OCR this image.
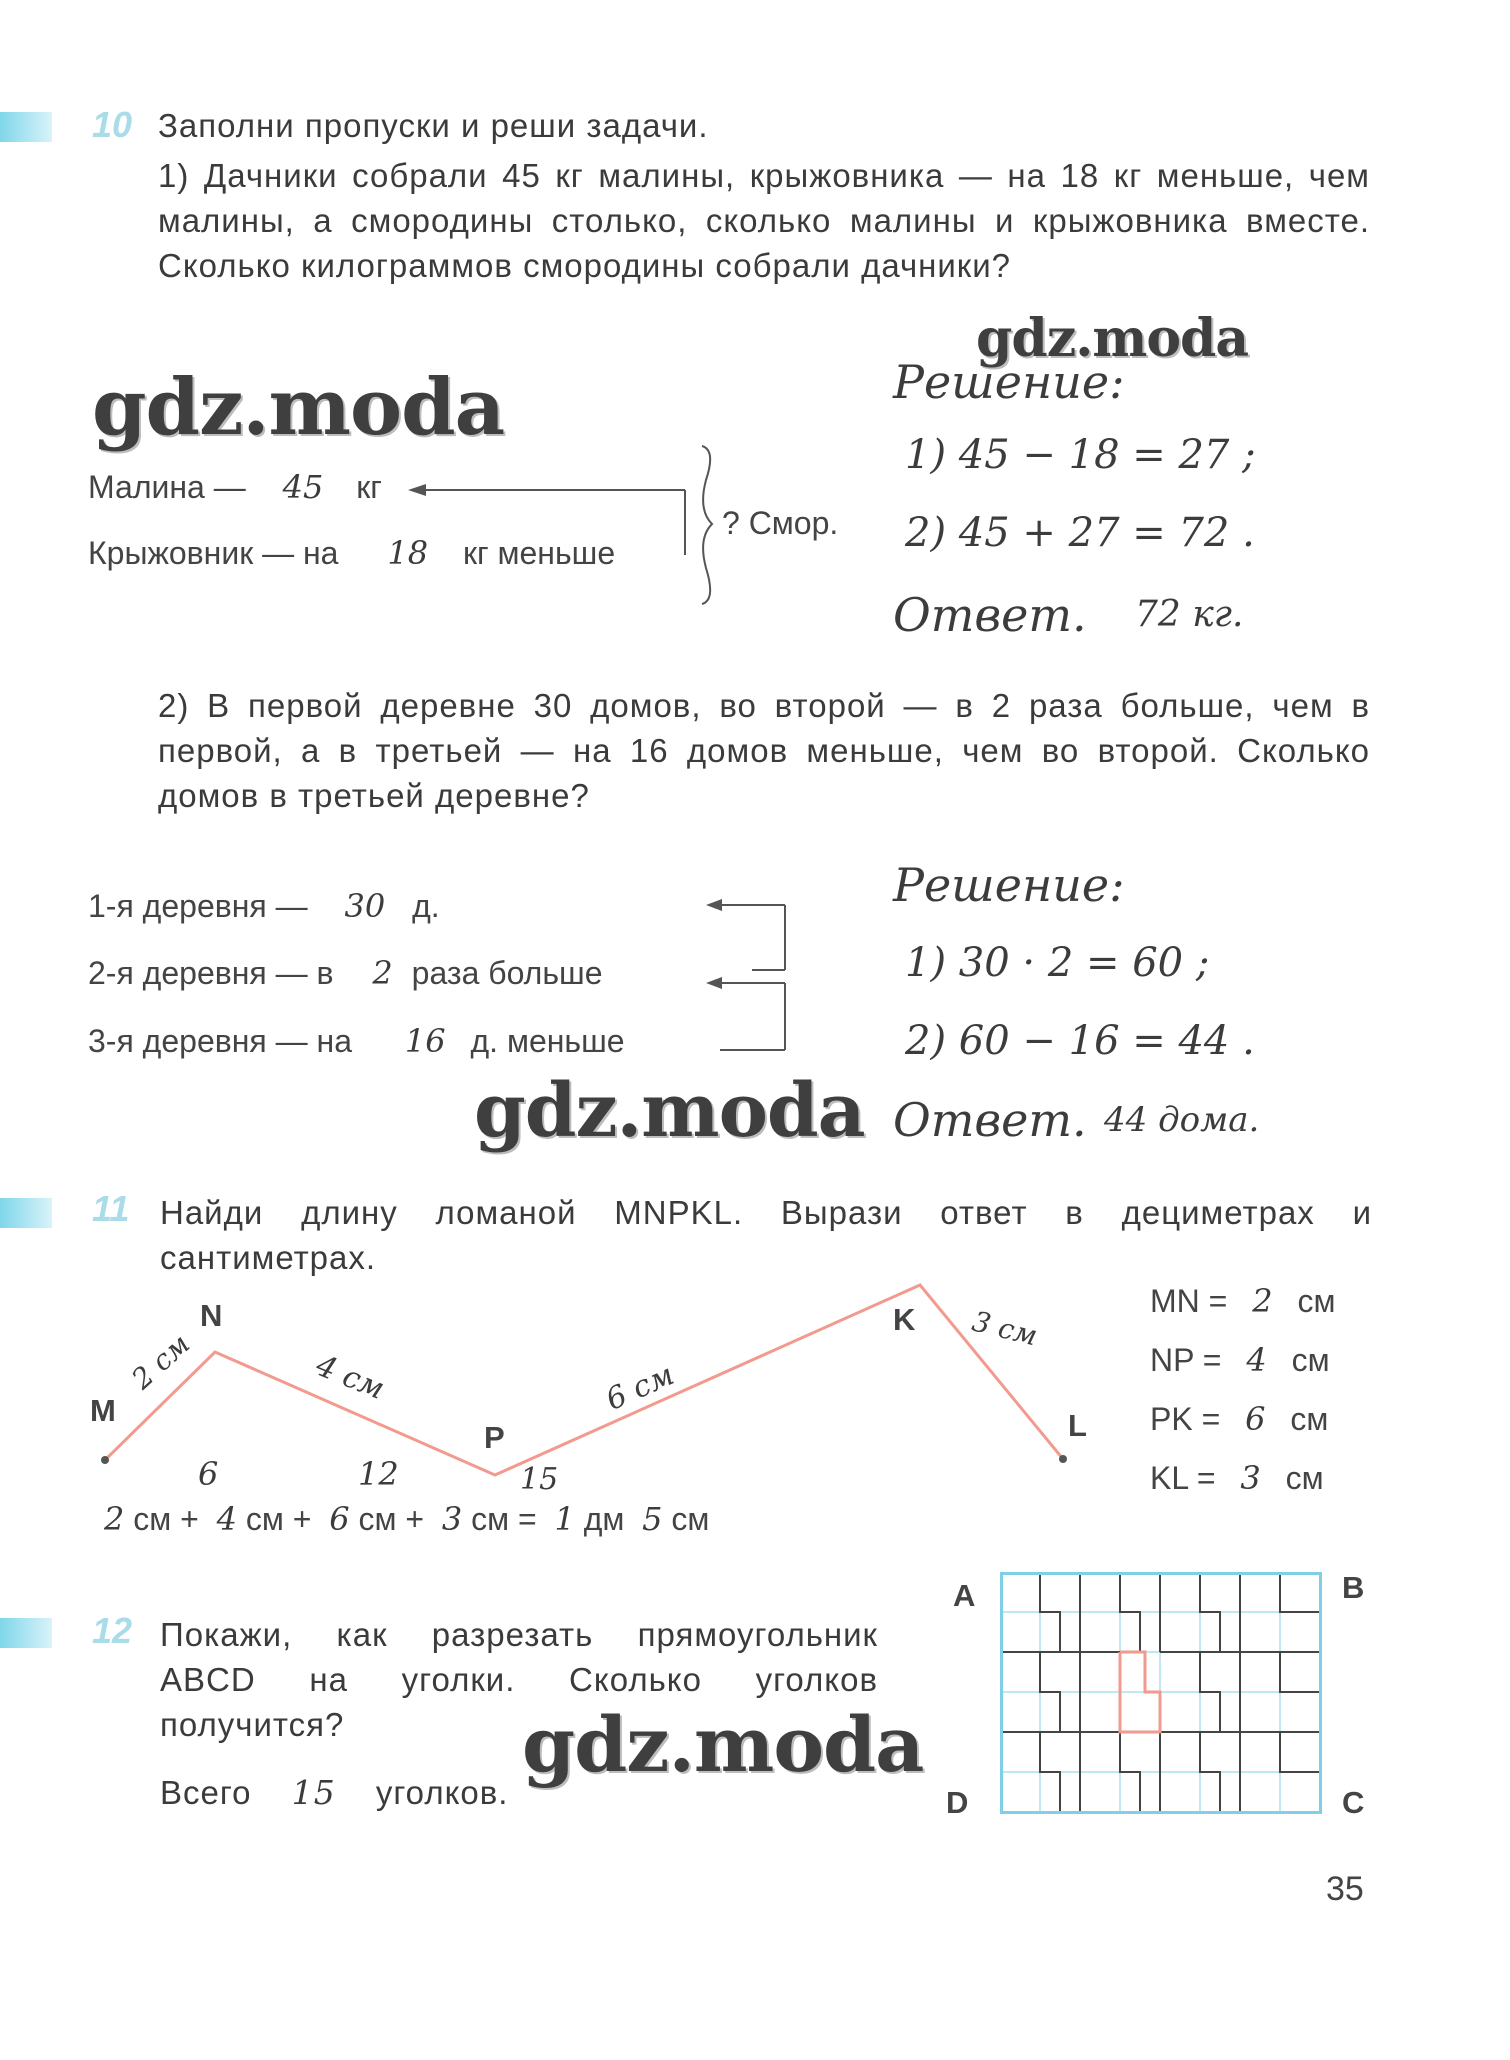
10 Заполни пропуски и реши задачи.
1) Дачники собрали 45 кг малины, крыжовника — на 18 кг меньше, чем малины, а смородины столько, сколько малины и крыжовника вместе. Сколько килограммов смородины собрали дачники?
gdz.moda
gdz.moda
Малина — 45 кг
Крыжовник — на 18 кг меньше
? Смор.
Решение:
1) 45 − 18 = 27 ;
2) 45 + 27 = 72 .
Ответ. 72 кг.
2) В первой деревне 30 домов, во второй — в 2 раза больше, чем в первой, а в третьей — на 16 домов меньше, чем во второй. Сколько домов в третьей деревне?
1-я деревня — 30 д.
2-я деревня — в 2 раза больше
3-я деревня — на 16 д. меньше
Решение:
1) 30 · 2 = 60 ;
2) 60 − 16 = 44 .
Ответ. 44 дома.
gdz.moda
11 Найди длину ломаной MNPKL. Вырази ответ в дециметрах и сантиметрах.
M
N
P
K
L
2 см	4 см	6 см
3 см
6	12	15
2 см + 4 см + 6 см + 3 см = 1 дм 5 см
MN = 2 см
NP = 4 см
PK = 6 см
KL = 3 см
12 Покажи, как разрезать прямоугольник ABCD на уголки. Сколько уголков получится?
Всего 15 уголков.
gdz.moda
A	B
C
D
35
